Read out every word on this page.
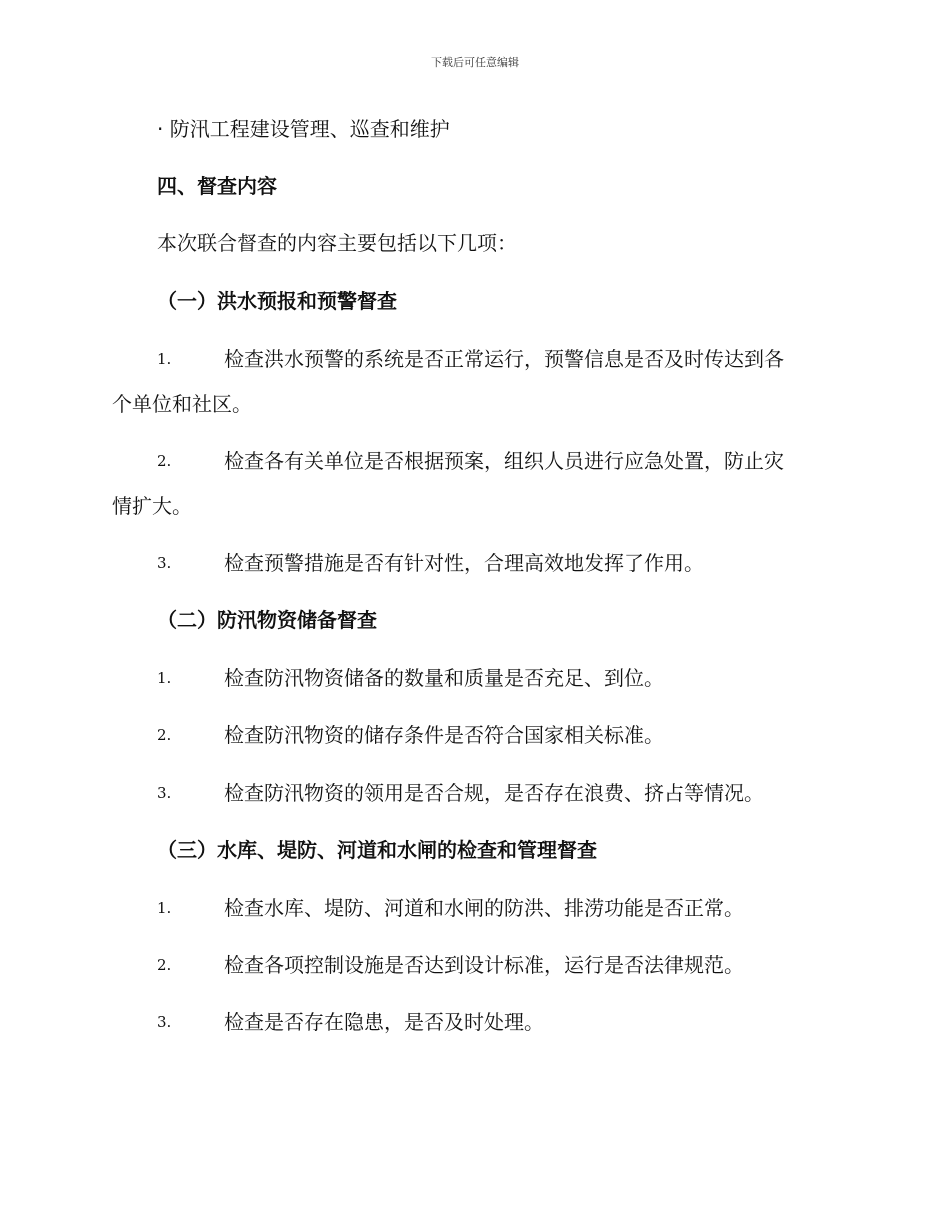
下载后可任意编辑
· 防汛工程建设管理、巡查和维护
四、督查内容
本次联合督查的内容主要包括以下几项：
（一）洪水预报和预警督查
1.	检查洪水预警的系统是否正常运行，预警信息是否及时传达到各
个单位和社区。
2.	检查各有关单位是否根据预案，组织人员进行应急处置，防止灾
情扩大。
3.	检查预警措施是否有针对性，合理高效地发挥了作用。
（二）防汛物资储备督查
1.	检查防汛物资储备的数量和质量是否充足、到位。
2.	检查防汛物资的储存条件是否符合国家相关标准。
3.	检查防汛物资的领用是否合规，是否存在浪费、挤占等情况。
（三）水库、堤防、河道和水闸的检查和管理督查
1.	检查水库、堤防、河道和水闸的防洪、排涝功能是否正常。
2.	检查各项控制设施是否达到设计标准，运行是否法律规范。
3.	检查是否存在隐患，是否及时处理。
